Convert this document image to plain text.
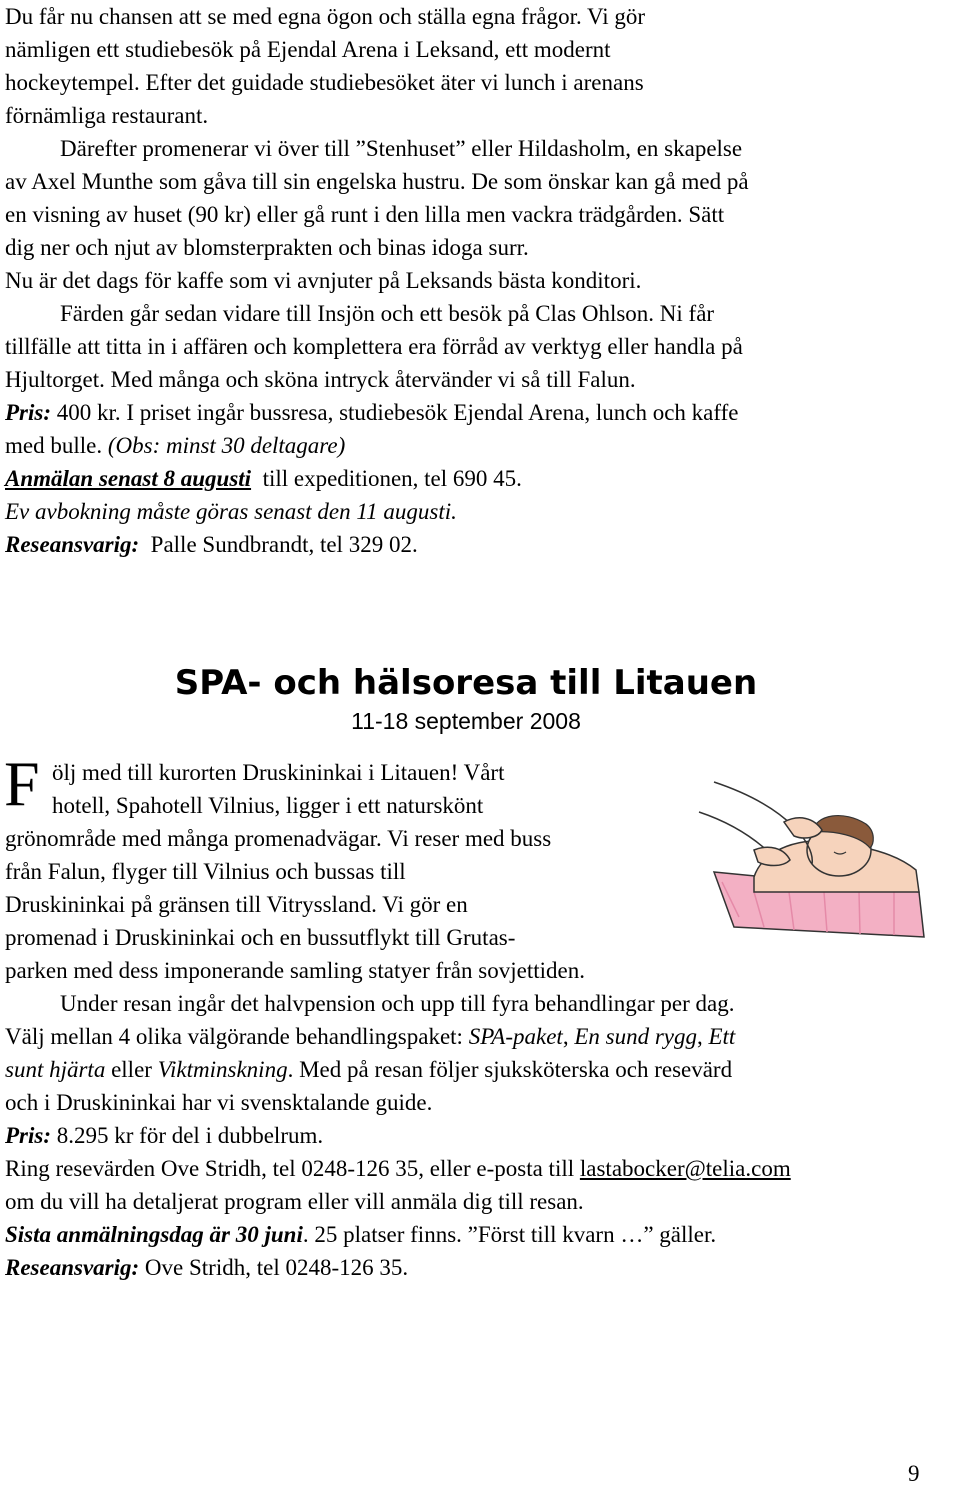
Du får nu chansen att se med egna ögon och ställa egna frågor. Vi gör

nämligen ett studiebesök på Ejendal Arena i Leksand, ett modernt

hockeytempel. Efter det guidade studiebesöket äter vi lunch i arenans

förnämliga restaurant.

Därefter promenerar vi över till ”Stenhuset” eller Hildasholm, en skapelse

av Axel Munthe som gåva till sin engelska hustru. De som önskar kan gå med på

en visning av huset (90 kr) eller gå runt i den lilla men vackra trädgården. Sätt

dig ner och njut av blomsterprakten och binas idoga surr.

Nu är det dags för kaffe som vi avnjuter på Leksands bästa konditori.

Färden går sedan vidare till Insjön och ett besök på Clas Ohlson. Ni får

tillfälle att titta in i affären och komplettera era förråd av verktyg eller handla på

Hjultorget. Med många och sköna intryck återvänder vi så till Falun.

Pris: 400 kr. I priset ingår bussresa, studiebesök Ejendal Arena, lunch och kaffe

med bulle. (Obs: minst 30 deltagare)

Anmälan senast 8 augusti till expeditionen, tel 690 45.

Ev avbokning måste göras senast den 11 augusti.

Reseansvarig: Palle Sundbrandt, tel 329 02.

SPA- och hälsoresa till Litauen
11-18 september 2008
F ölj med till kurorten Druskininkai i Litauen! Vårt

hotell, Spahotell Vilnius, ligger i ett naturskönt

grönområde med många promenadvägar. Vi reser med buss

från Falun, flyger till Vilnius och bussas till

Druskininkai på gränsen till Vitryssland. Vi gör en

promenad i Druskininkai och en bussutflykt till Grutas-

parken med dess imponerande samling statyer från sovjettiden.

Under resan ingår det halvpension och upp till fyra behandlingar per dag.

Välj mellan 4 olika välgörande behandlingspaket: SPA-paket, En sund rygg, Ett

sunt hjärta eller Viktminskning. Med på resan följer sjuksköterska och resevärd

och i Druskininkai har vi svensktalande guide.

Pris: 8.295 kr för del i dubbelrum.

Ring resevärden Ove Stridh, tel 0248-126 35, eller e-posta till lastabocker@telia.com

om du vill ha detaljerat program eller vill anmäla dig till resan.

Sista anmälningsdag är 30 juni. 25 platser finns. ”Först till kvarn …” gäller.

Reseansvarig: Ove Stridh, tel 0248-126 35.

9
